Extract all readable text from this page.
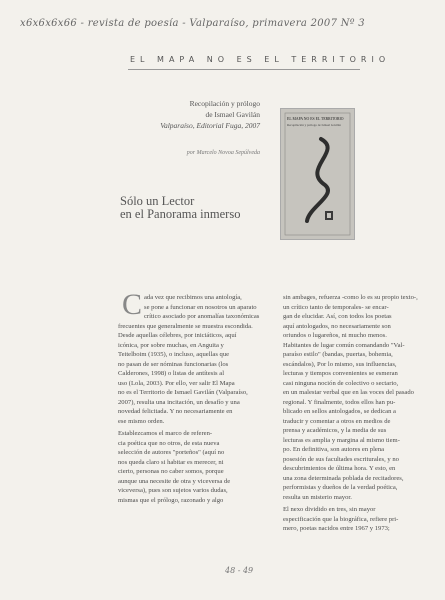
x6x6x6x66 - revista de poesía - Valparaíso, primavera 2007 Nº 3
EL MAPA NO ES EL TERRITORIO
Recopilación y prólogo
de Ismael Gavilán
Valparaíso, Editorial Fuga, 2007
por Marcelo Novoa Sepúlveda
Sólo un Lector
en el Panorama inmerso
EL MAPA NO ES EL TERRITORIO
Recopilación y prólogo de Ismael Gavilán
C ada vez que recibimos una antología,
se pone a funcionar en nosotros un aparato
crítico asociado por anomalías taxonómicas
frecuentes que generalmente se muestra escondida.
Desde aquellas célebres, por iniciáticos, aquí
icónica, por sobre muchas, en Anguita y
Teitelboim (1935), o incluso, aquellas que
no pasan de ser nóminas funcionarias (los
Calderones, 1998) o listas de antítesis al
uso (Lola, 2003). Por ello, ver salir El Mapa
no es el Territorio de Ismael Gavilán (Valparaíso,
2007), resulta una incitación, un desafío y una
novedad felicitada. Y no necesariamente en
ese mismo orden.

Establezcamos el marco de referen-
cia poética que no otros, de esta nueva
selección de autores "porteños" (aquí no
nos queda claro si habitar es merecer, ni
cierto, personas no caber somos, porque
aunque una necesite de otra y viceversa de
viceversa), pues son sujetos varios dudas,
mismas que el prólogo, razonado y algo

sin ambages, refuerza -como lo es su propio texto-,
un crítico tanto de temporales- se encar-
gan de elucidar. Así, con todos los poetas
aquí antologados, no necesariamente son
oriundos o lugareños, ni mucho menos.
Habitantes de lugar común comandando "Val-
paraíso estilo" (bandas, puertas, bohemia,
escándalos), Por lo mismo, sus influencias,
lecturas y tiempos convenientes se esmeran
casi ninguna noción de colectivo o sectario,
en un malestar verbal que en las voces del pasado
regional. Y finalmente, todos ellos han pu-
blicado en sellos antologados, se dedican a
traducir y comentar a otros en medios de
prensa y académicos, y la media de sus
lecturas es amplia y margina al mismo tiem-
po. En definitiva, son autores en plena
posesión de sus facultades escriturales, y no
descubrimientos de última hora. Y esto, en
una zona determinada poblada de recitadores,
performistas y dueños de la verdad poética,
resulta un misterio mayor.

El nexo dividido en tres, sin mayor
especificación que la biográfica, refiere pri-
mero, poetas nacidos entre 1967 y 1973;

48 - 49
